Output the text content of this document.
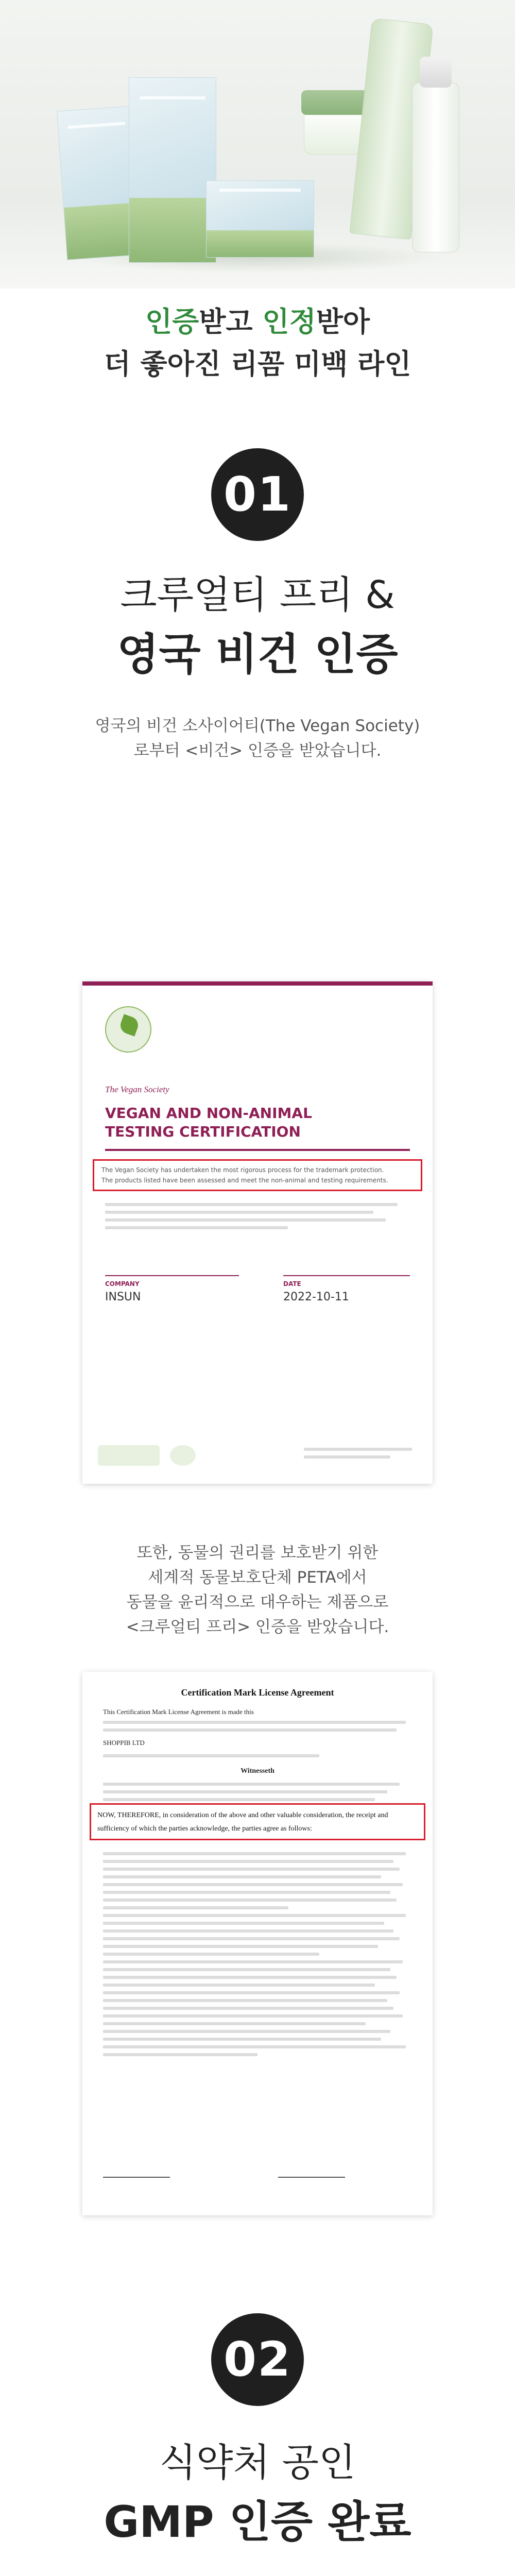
인증받고 인정받아
더 좋아진 리꼼 미백 라인
01
크루얼티 프리 &
영국 비건 인증
영국의 비건 소사이어티(The Vegan Society)
로부터 <비건> 인증을 받았습니다.
The Vegan Society
VEGAN AND NON-ANIMAL
TESTING CERTIFICATION
The Vegan Society has undertaken the most rigorous process for the trademark protection.
The products listed have been assessed and meet the non-animal and testing requirements.
COMPANY
INSUN
DATE
2022-10-11
또한, 동물의 권리를 보호받기 위한
세계적 동물보호단체 PETA에서
동물을 윤리적으로 대우하는 제품으로
<크루얼티 프리> 인증을 받았습니다.
Certification Mark License Agreement
This Certification Mark License Agreement is made this
SHOPPIB LTD
Witnesseth
NOW, THEREFORE, in consideration of the above and other valuable consideration, the receipt and sufficiency of which the parties acknowledge, the parties agree as follows:
02
식약처 공인
GMP 인증 완료
